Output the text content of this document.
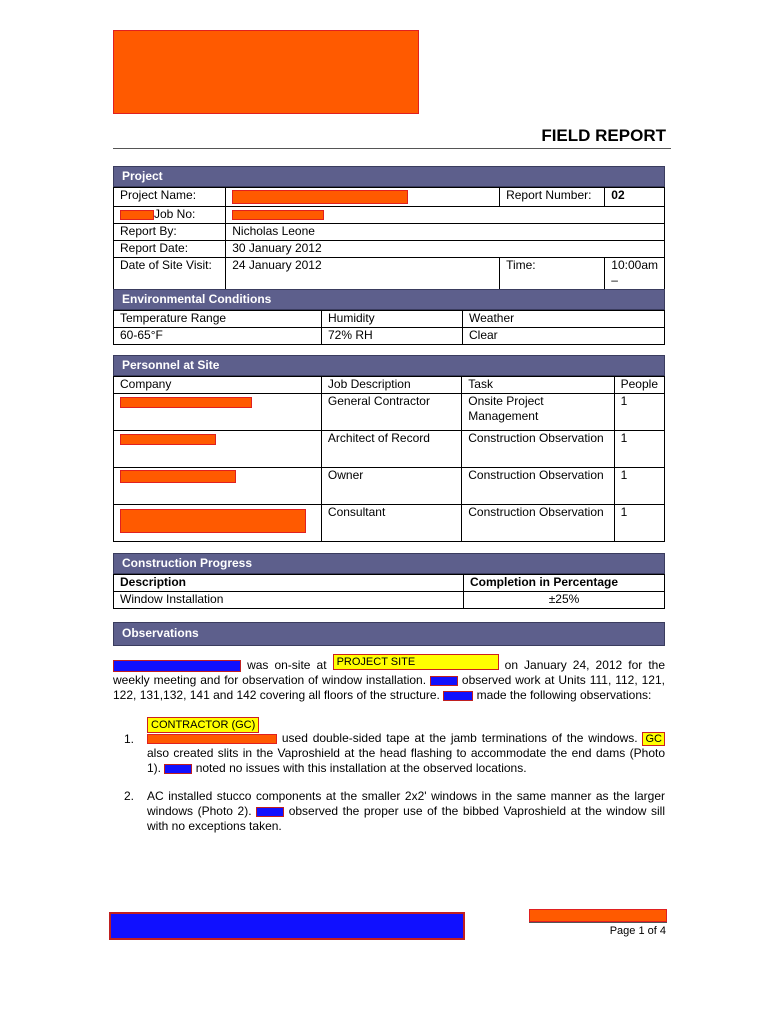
FIELD REPORT
Project
Project Name:		Report Number:	02
Job No:			

Report By:	Nicholas Leone		
Report Date:	30 January 2012		
Date of Site Visit:	24 January 2012	Time:	10:00am –
Environmental Conditions
Temperature Range	Humidity	Weather
60-65°F	72% RH	Clear
Personnel at Site
Company	Job Description	Task	People

	General Contractor	Onsite Project Management	1

	Architect of Record	Construction Observation	1

	Owner	Construction Observation	1

	Consultant	Construction Observation	1
Construction Progress
Description	Completion in Percentage
Window Installation	±25%
Observations
was on-site at PROJECT SITE	on January 24, 2012 for the weekly meeting and for observation of window installation.	observed work at Units 111, 112, 121, 122, 131,132, 141 and 142 covering all floors of the structure.	made the following observations:
CONTRACTOR (GC)
1.	used double-sided tape at the jamb terminations of the windows. GC also created slits in the Vaproshield at the head flashing to accommodate the end dams (Photo 1).	noted no issues with this installation at the observed locations.
2. AC installed stucco components at the smaller 2x2' windows in the same manner as the larger windows (Photo 2).	observed the proper use of the bibbed Vaproshield at the window sill with no exceptions taken.
Page 1 of 4
